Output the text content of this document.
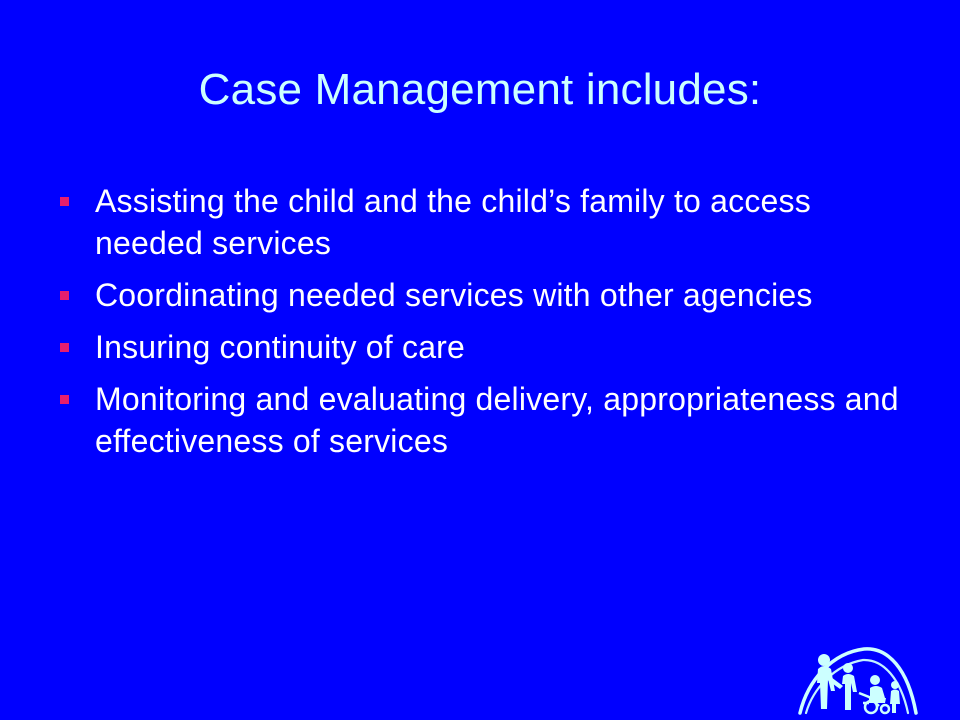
Case Management includes:
Assisting the child and the child’s family to access needed services
Coordinating needed services with other agencies
Insuring continuity of care
Monitoring and evaluating delivery, appropriateness and effectiveness of services
